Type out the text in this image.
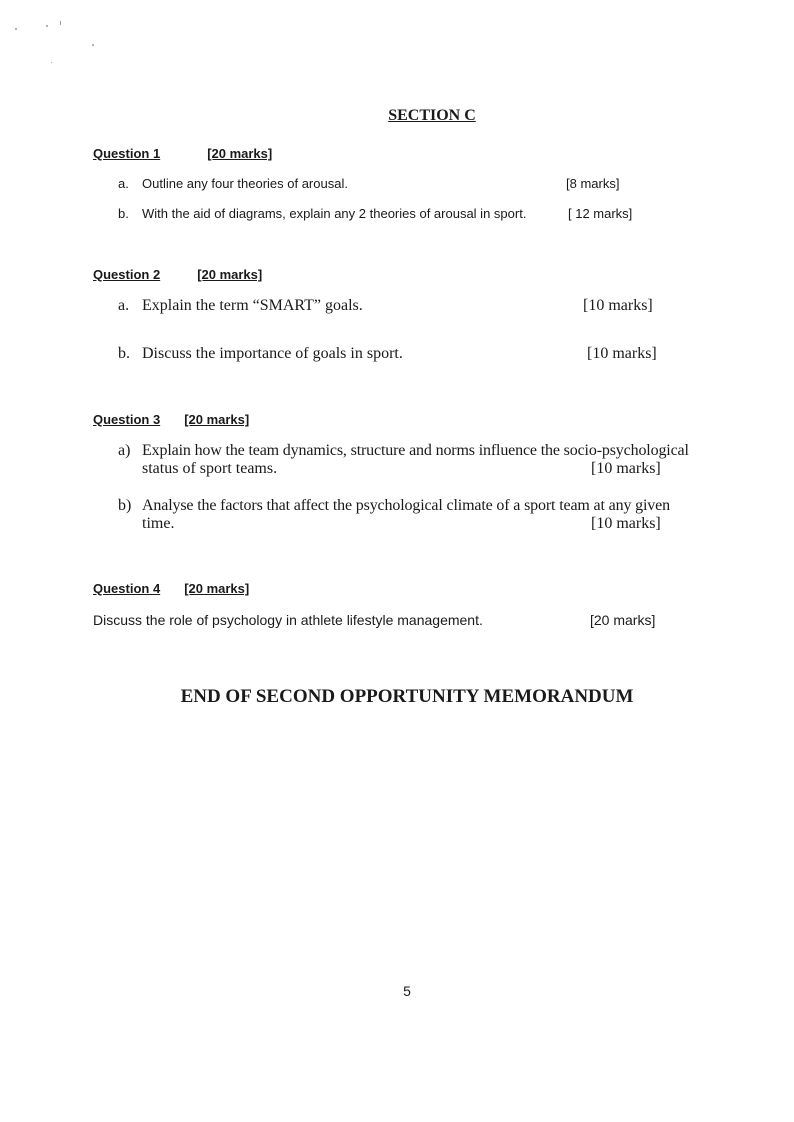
SECTION C
Question 1	[20 marks]
a. Outline any four theories of arousal.	[8 marks]
b. With the aid of diagrams, explain any 2 theories of arousal in sport.	[ 12 marks]
Question 2	[20 marks]
a. Explain the term “SMART” goals.	[10 marks]
b. Discuss the importance of goals in sport.	[10 marks]
Question 3 [20 marks]
a) Explain how the team dynamics, structure and norms influence the socio-psychological
status of sport teams.	[10 marks]
b) Analyse the factors that affect the psychological climate of a sport team at any given
time.	[10 marks]
Question 4 [20 marks]
Discuss the role of psychology in athlete lifestyle management.	[20 marks]
END OF SECOND OPPORTUNITY MEMORANDUM
5
